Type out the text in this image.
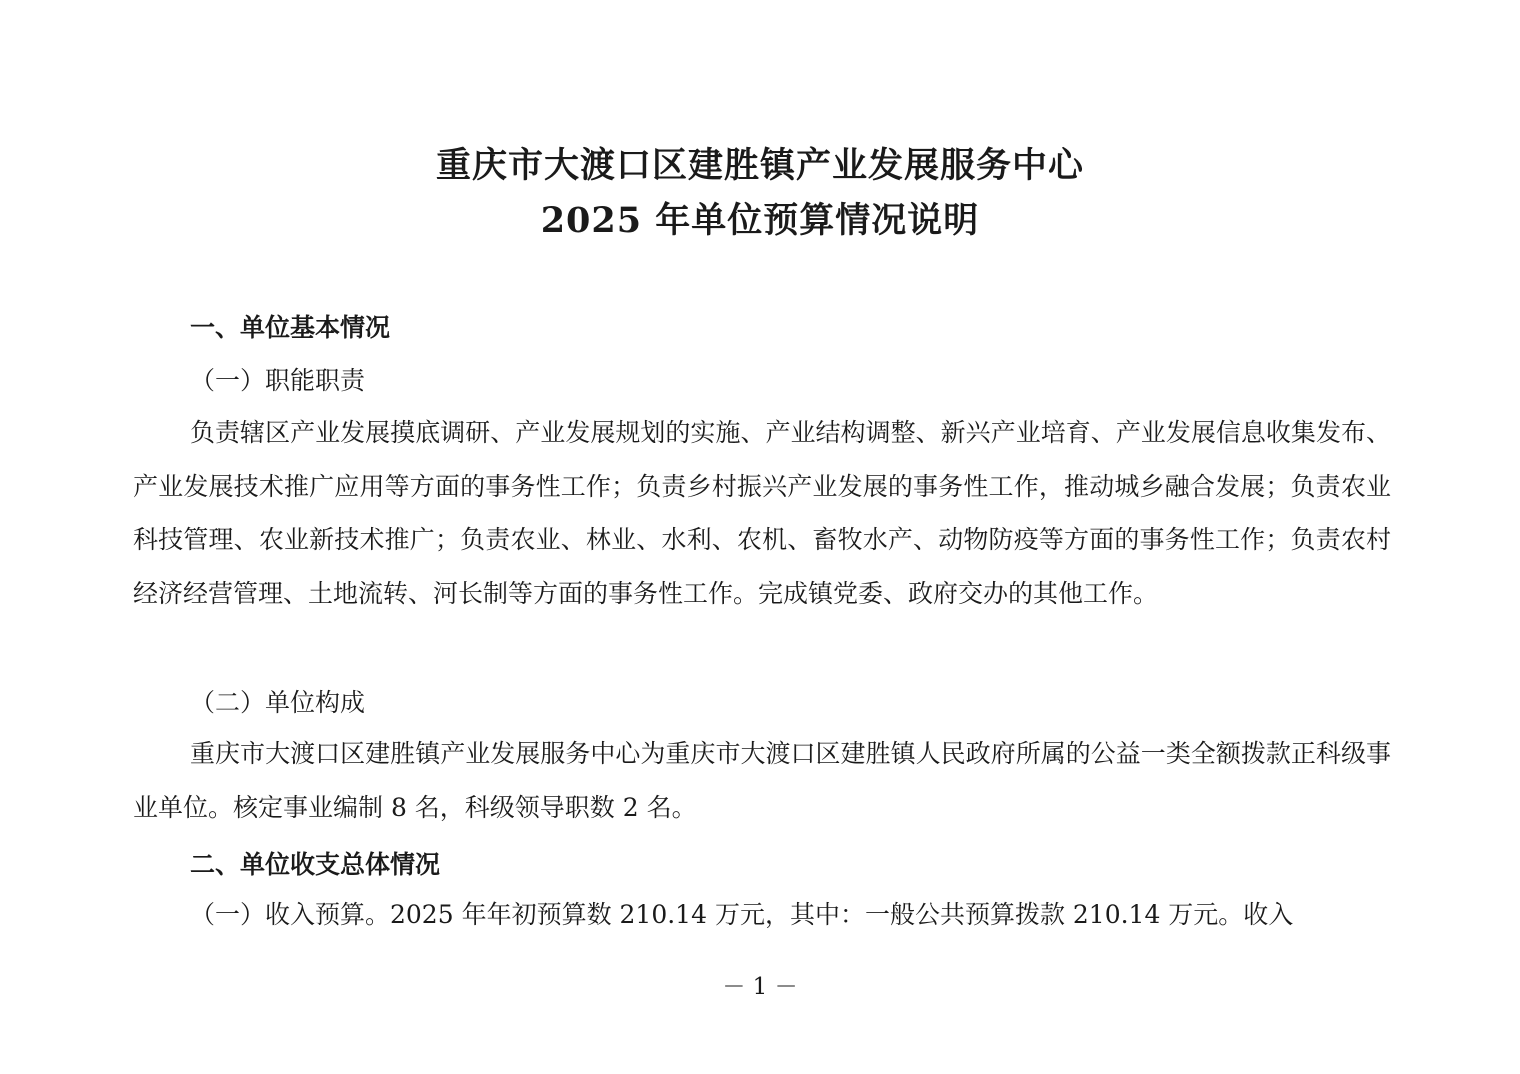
重庆市大渡口区建胜镇产业发展服务中心
2025 年单位预算情况说明
一、单位基本情况
（一）职能职责
负责辖区产业发展摸底调研、产业发展规划的实施、产业结构调整、新兴产业培育、产业发展信息收集发布、产业发展技术推广应用等方面的事务性工作；负责乡村振兴产业发展的事务性工作，推动城乡融合发展；负责农业科技管理、农业新技术推广；负责农业、林业、水利、农机、畜牧水产、动物防疫等方面的事务性工作；负责农村经济经营管理、土地流转、河长制等方面的事务性工作。完成镇党委、政府交办的其他工作。
（二）单位构成
重庆市大渡口区建胜镇产业发展服务中心为重庆市大渡口区建胜镇人民政府所属的公益一类全额拨款正科级事业单位。核定事业编制 8 名，科级领导职数 2 名。
二、单位收支总体情况
（一）收入预算。2025 年年初预算数 210.14 万元，其中：一般公共预算拨款 210.14 万元。收入
－ 1 －
